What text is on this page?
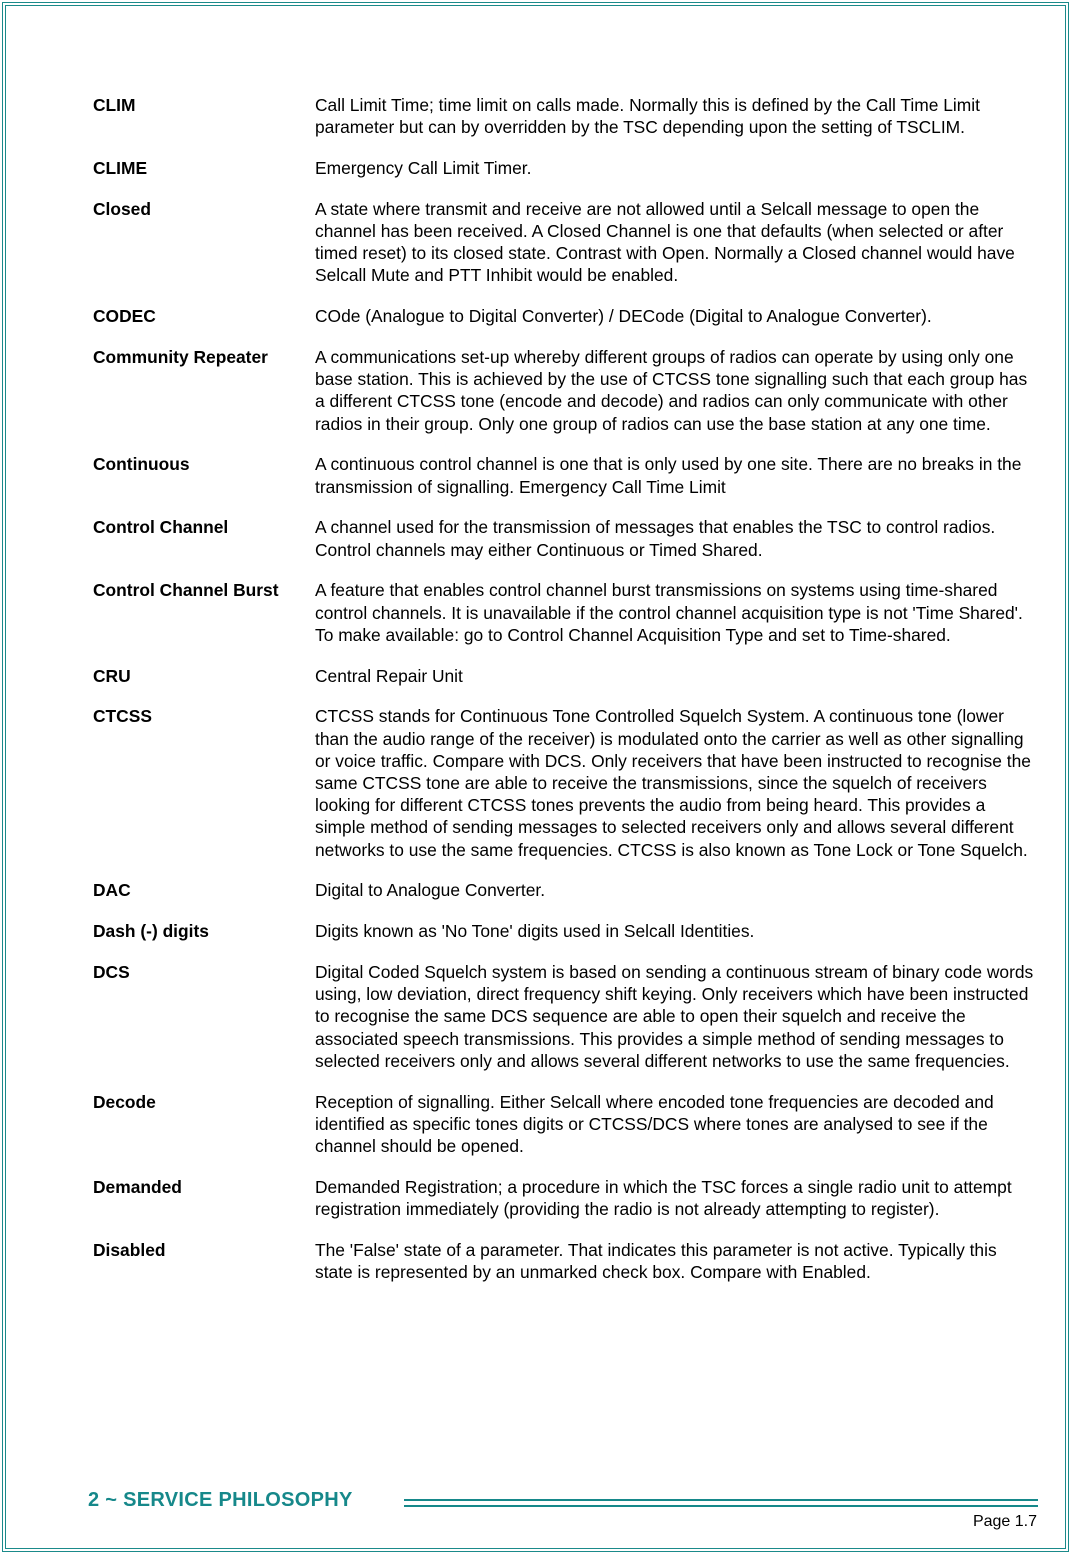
CLIM	Call Limit Time; time limit on calls made. Normally this is defined by the Call Time Limit parameter but can by overridden by the TSC depending upon the setting of TSCLIM.
CLIME	Emergency Call Limit Timer.
Closed	A state where transmit and receive are not allowed until a Selcall message to open the channel has been received. A Closed Channel is one that defaults (when selected or after timed reset) to its closed state. Contrast with Open. Normally a Closed channel would have Selcall Mute and PTT Inhibit would be enabled.
CODEC	COde (Analogue to Digital Converter) / DECode (Digital to Analogue Converter).
Community Repeater	A communications set-up whereby different groups of radios can operate by using only one base station. This is achieved by the use of CTCSS tone signalling such that each group has a different CTCSS tone (encode and decode) and radios can only communicate with other radios in their group. Only one group of radios can use the base station at any one time.
Continuous	A continuous control channel is one that is only used by one site. There are no breaks in the transmission of signalling. Emergency Call Time Limit
Control Channel	A channel used for the transmission of messages that enables the TSC to control radios. Control channels may either Continuous or Timed Shared.
Control Channel Burst	A feature that enables control channel burst transmissions on systems using time-shared control channels. It is unavailable if the control channel acquisition type is not 'Time Shared'. To make available: go to Control Channel Acquisition Type and set to Time-shared.
CRU	Central Repair Unit
CTCSS	CTCSS stands for Continuous Tone Controlled Squelch System. A continuous tone (lower than the audio range of the receiver) is modulated onto the carrier as well as other signalling or voice traffic. Compare with DCS. Only receivers that have been instructed to recognise the same CTCSS tone are able to receive the transmissions, since the squelch of receivers looking for different CTCSS tones prevents the audio from being heard. This provides a simple method of sending messages to selected receivers only and allows several different networks to use the same frequencies. CTCSS is also known as Tone Lock or Tone Squelch.
DAC	Digital to Analogue Converter.
Dash (-) digits	Digits known as 'No Tone' digits used in Selcall Identities.
DCS	Digital Coded Squelch system is based on sending a continuous stream of binary code words using, low deviation, direct frequency shift keying. Only receivers which have been instructed to recognise the same DCS sequence are able to open their squelch and receive the associated speech transmissions. This provides a simple method of sending messages to selected receivers only and allows several different networks to use the same frequencies.
Decode	Reception of signalling. Either Selcall where encoded tone frequencies are decoded and identified as specific tones digits or CTCSS/DCS where tones are analysed to see if the channel should be opened.
Demanded	Demanded Registration; a procedure in which the TSC forces a single radio unit to attempt registration immediately (providing the radio is not already attempting to register).
Disabled	The 'False' state of a parameter. That indicates this parameter is not active. Typically this state is represented by an unmarked check box. Compare with Enabled.
2 ~ SERVICE PHILOSOPHY
Page 1.7
